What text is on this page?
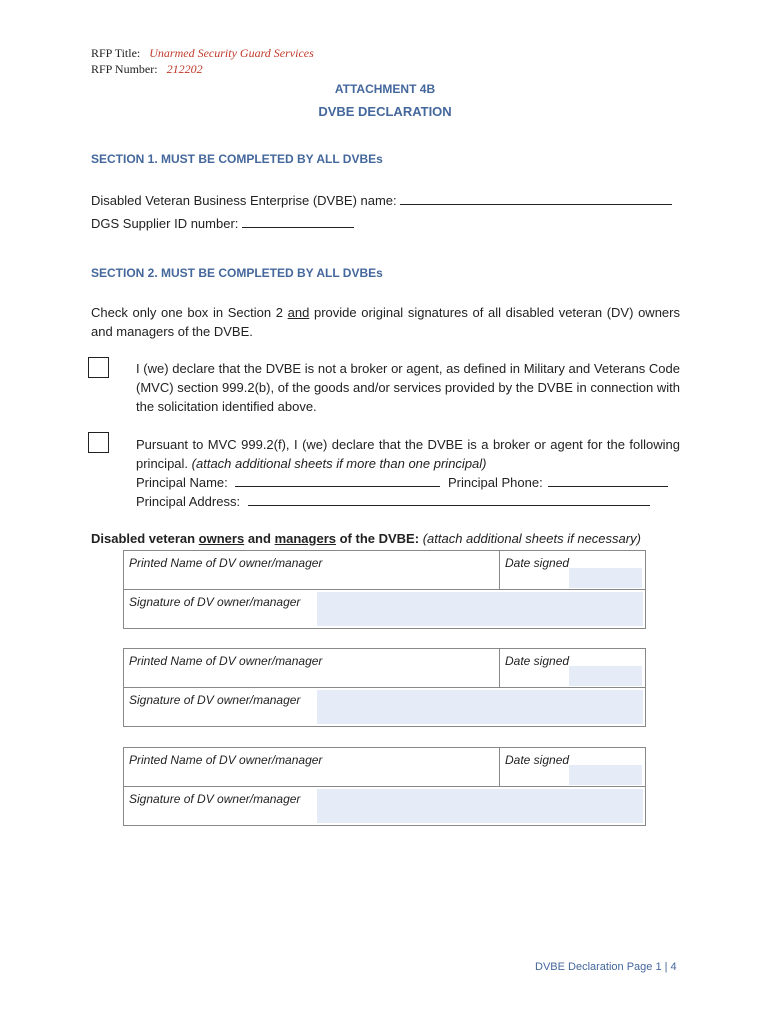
RFP Title: Unarmed Security Guard Services
RFP Number: 212202
ATTACHMENT 4B
DVBE DECLARATION
SECTION 1. MUST BE COMPLETED BY ALL DVBEs
Disabled Veteran Business Enterprise (DVBE) name:
DGS Supplier ID number:
SECTION 2. MUST BE COMPLETED BY ALL DVBEs
Check only one box in Section 2 and provide original signatures of all disabled veteran (DV) owners and managers of the DVBE.
I (we) declare that the DVBE is not a broker or agent, as defined in Military and Veterans Code (MVC) section 999.2(b), of the goods and/or services provided by the DVBE in connection with the solicitation identified above.
Pursuant to MVC 999.2(f), I (we) declare that the DVBE is a broker or agent for the following principal. (attach additional sheets if more than one principal)
Principal Name:	Principal Phone:
Principal Address:
Disabled veteran owners and managers of the DVBE: (attach additional sheets if necessary)
Printed Name of DV owner/manager	Date signed
Signature of DV owner/manager
Printed Name of DV owner/manager	Date signed
Signature of DV owner/manager
Printed Name of DV owner/manager	Date signed
Signature of DV owner/manager
DVBE Declaration Page 1 | 4
